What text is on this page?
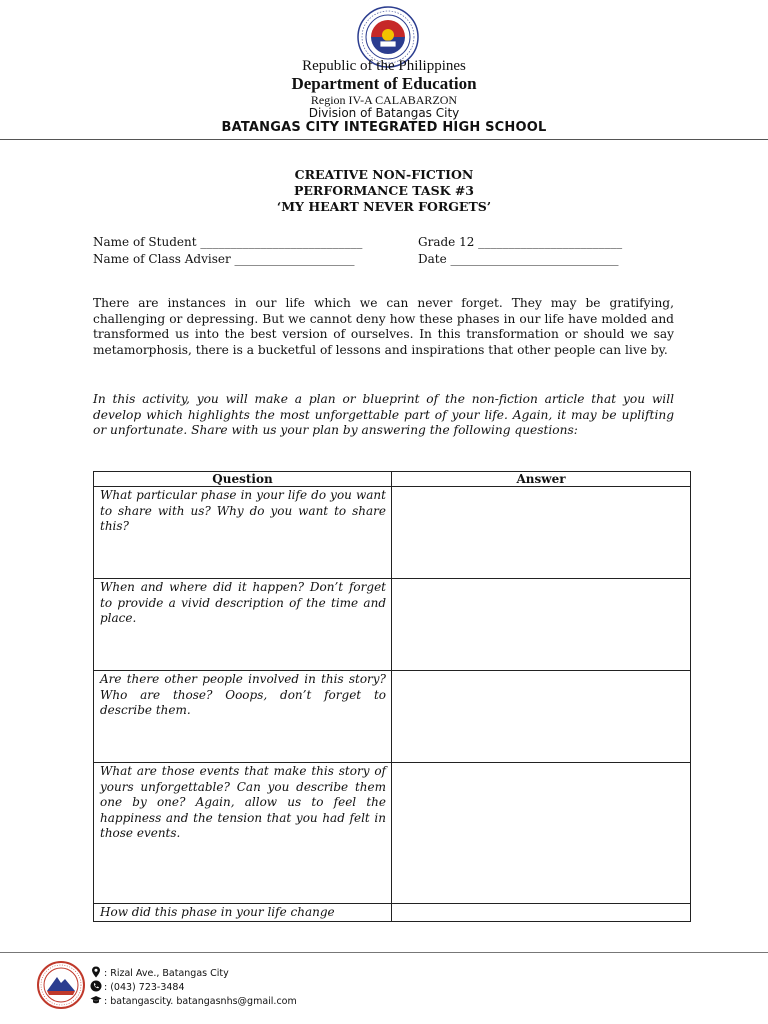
Republic of the Philippines
Department of Education
Region IV-A CALABARZON
Division of Batangas City
BATANGAS CITY INTEGRATED HIGH SCHOOL
CREATIVE NON-FICTION
PERFORMANCE TASK #3
‘MY HEART NEVER FORGETS’
Name of Student ___________________________	Grade 12 ________________________
Name of Class Adviser ____________________	Date ____________________________
There are instances in our life which we can never forget. They may be gratifying, challenging or depressing. But we cannot deny how these phases in our life have molded and transformed us into the best version of ourselves. In this transformation or should we say metamorphosis, there is a bucketful of lessons and inspirations that other people can live by.
In this activity, you will make a plan or blueprint of the non-fiction article that you will develop which highlights the most unforgettable part of your life. Again, it may be uplifting or unfortunate. Share with us your plan by answering the following questions:
Question	Answer
What particular phase in your life do you want to share with us? Why do you want to share this?	
When and where did it happen? Don’t forget to provide a vivid description of the time and place.	
Are there other people involved in this story? Who are those? Ooops, don’t forget to describe them.	
What are those events that make this story of yours unforgettable? Can you describe them one by one? Again, allow us to feel the happiness and the tension that you had felt in those events.	
How did this phase in your life change	
: Rizal Ave., Batangas City
: (043) 723-3484
: batangascity. batangasnhs@gmail.com
